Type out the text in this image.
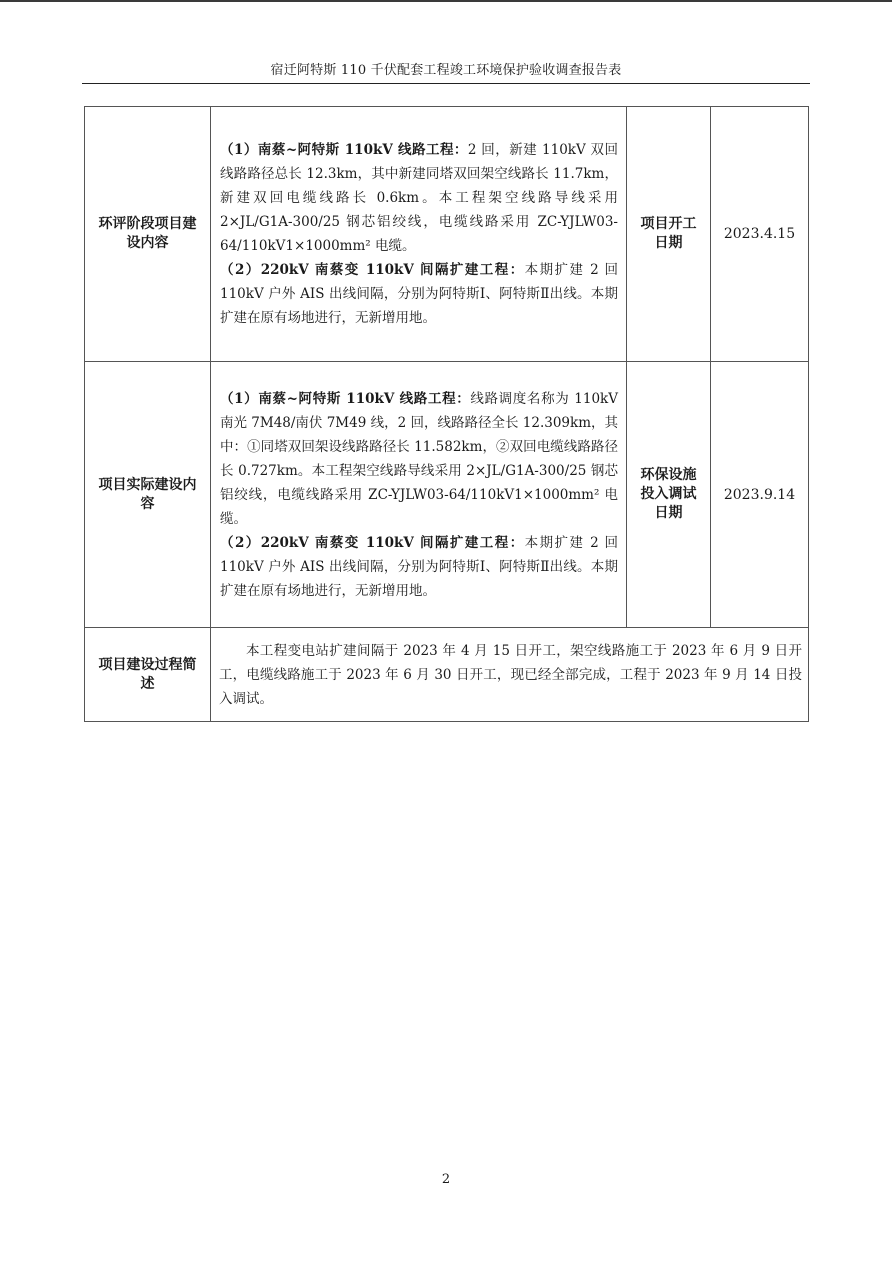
宿迁阿特斯 110 千伏配套工程竣工环境保护验收调查报告表
环评阶段项目建设内容	（1）南蔡~阿特斯 110kV 线路工程：2 回，新建 110kV 双回线路路径总长 12.3km，其中新建同塔双回架空线路长 11.7km，新建双回电缆线路长 0.6km。本工程架空线路导线采用 2×JL/G1A-300/25 钢芯铝绞线，电缆线路采用 ZC-YJLW03-64/110kV1×1000mm² 电缆。
（2）220kV 南蔡变 110kV 间隔扩建工程：本期扩建 2 回 110kV 户外 AIS 出线间隔，分别为阿特斯Ⅰ、阿特斯Ⅱ出线。本期扩建在原有场地进行，无新增用地。	项目开工日期	2023.4.15
项目实际建设内容	（1）南蔡~阿特斯 110kV 线路工程：线路调度名称为 110kV 南光 7M48/南伏 7M49 线，2 回，线路路径全长 12.309km，其中：①同塔双回架设线路路径长 11.582km，②双回电缆线路路径长 0.727km。本工程架空线路导线采用 2×JL/G1A-300/25 钢芯铝绞线，电缆线路采用 ZC-YJLW03-64/110kV1×1000mm² 电缆。
（2）220kV 南蔡变 110kV 间隔扩建工程：本期扩建 2 回 110kV 户外 AIS 出线间隔，分别为阿特斯Ⅰ、阿特斯Ⅱ出线。本期扩建在原有场地进行，无新增用地。	环保设施投入调试日期	2023.9.14
项目建设过程简述	本工程变电站扩建间隔于 2023 年 4 月 15 日开工，架空线路施工于 2023 年 6 月 9 日开工，电缆线路施工于 2023 年 6 月 30 日开工，现已经全部完成，工程于 2023 年 9 月 14 日投入调试。		
2
